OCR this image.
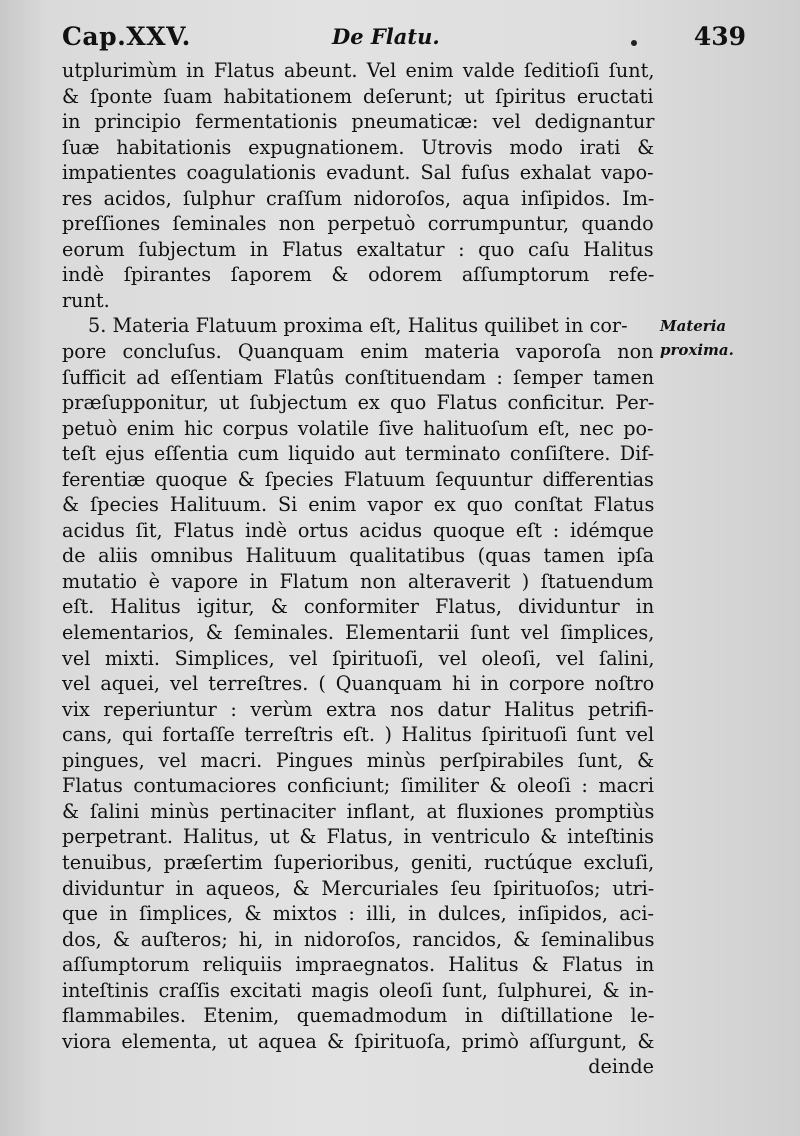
Cap.XXV.	De Flatu.	439
utplurimùm in Flatus abeunt. Vel enim valde ſeditioſi ſunt,
& ſponte ſuam habitationem deſerunt; ut ſpiritus eructati
in principio fermentationis pneumaticæ: vel dedignantur
ſuæ habitationis expugnationem. Utrovis modo irati &
impatientes coagulationis evadunt. Sal fuſus exhalat vapo-
res acidos, ſulphur craſſum nidoroſos, aqua inſipidos. Im-
preſſiones ſeminales non perpetuò corrumpuntur, quando
eorum ſubjectum in Flatus exaltatur : quo caſu Halitus
indè ſpirantes ſaporem & odorem aſſumptorum refe-
runt.
5. Materia Flatuum proxima eſt, Halitus quilibet in cor-
pore concluſus. Quanquam enim materia vaporoſa non
ſufficit ad eſſentiam Flatûs conſtituendam : ſemper tamen
præſupponitur, ut ſubjectum ex quo Flatus conficitur. Per-
petuò enim hic corpus volatile ſive halituoſum eſt, nec po-
teſt ejus eſſentia cum liquido aut terminato conſiſtere. Dif-
ferentiæ quoque & ſpecies Flatuum ſequuntur differentias
& ſpecies Halituum. Si enim vapor ex quo conſtat Flatus
acidus ſit, Flatus indè ortus acidus quoque eſt : idémque
de aliis omnibus Halituum qualitatibus (quas tamen ipſa
mutatio è vapore in Flatum non alteraverit ) ſtatuendum
eſt. Halitus igitur, & conformiter Flatus, dividuntur in
elementarios, & ſeminales. Elementarii ſunt vel ſimplices,
vel mixti. Simplices, vel ſpirituoſi, vel oleoſi, vel ſalini,
vel aquei, vel terreſtres. ( Quanquam hi in corpore noſtro
vix reperiuntur : verùm extra nos datur Halitus petrifi-
cans, qui fortaſſe terreſtris eſt. ) Halitus ſpirituoſi ſunt vel
pingues, vel macri. Pingues minùs perſpirabiles ſunt, &
Flatus contumaciores conficiunt; ſimiliter & oleoſi : macri
& ſalini minùs pertinaciter inflant, at fluxiones promptiùs
perpetrant. Halitus, ut & Flatus, in ventriculo & inteſtinis
tenuibus, præſertim ſuperioribus, geniti, ructúque excluſi,
dividuntur in aqueos, & Mercuriales ſeu ſpirituoſos; utri-
que in ſimplices, & mixtos : illi, in dulces, inſipidos, aci-
dos, & auſteros; hi, in nidoroſos, rancidos, & ſeminalibus
aſſumptorum reliquiis impraegnatos. Halitus & Flatus in
inteſtinis craſſis excitati magis oleoſi ſunt, ſulphurei, & in-
flammabiles. Etenim, quemadmodum in diſtillatione le-
viora elementa, ut aquea & ſpirituoſa, primò aſſurgunt, &
deinde
Materia
proxima.
